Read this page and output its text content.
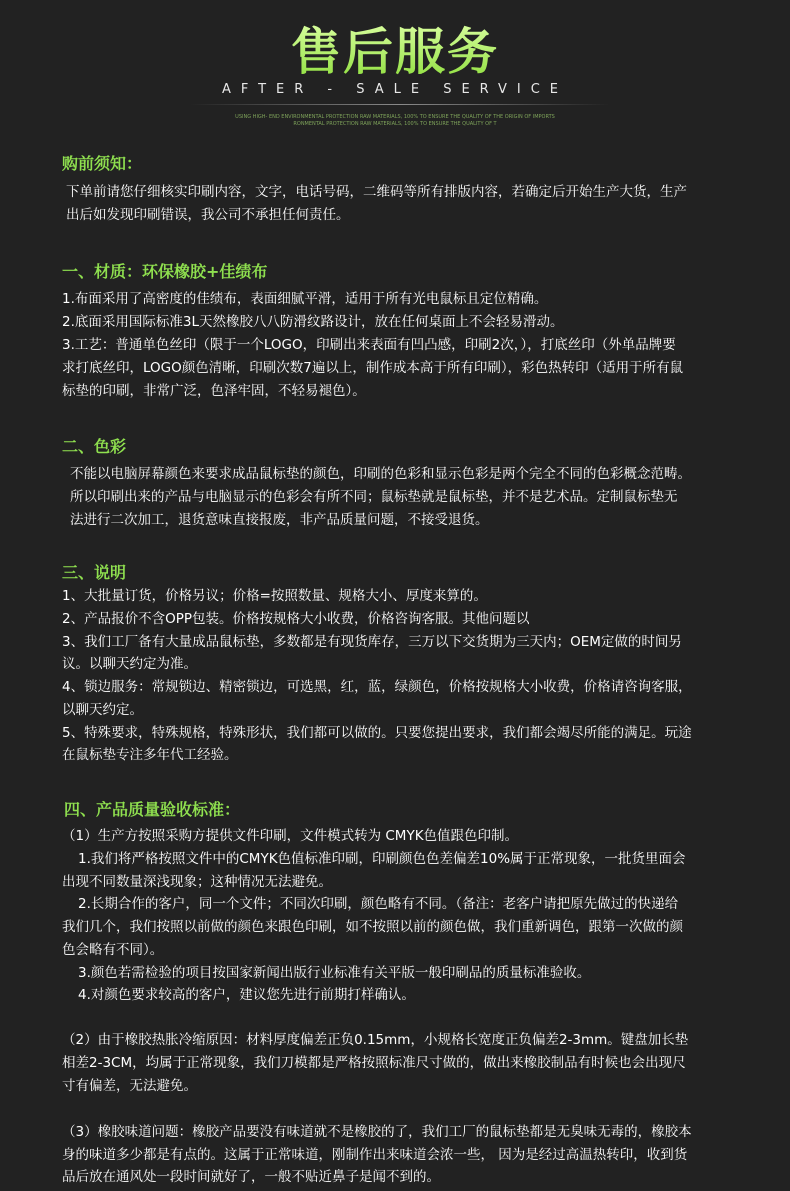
售后服务
AFTER - SALE SERVICE
USING HIGH- END ENVIRONMENTAL PROTECTION RAW MATERIALS, 100% TO ENSURE THE QUALITY OF THE ORIGIN OF IMPORTS
RONMENTAL PROTECTION RAW MATERIALS, 100% TO ENSURE THE QUALITY OF T
购前须知：
下单前请您仔细核实印刷内容，文字，电话号码，二维码等所有排版内容，若确定后开始生产大货，生产
出后如发现印刷错误，我公司不承担任何责任。
一、材质：环保橡胶+佳绩布
1.布面采用了高密度的佳绩布，表面细腻平滑，适用于所有光电鼠标且定位精确。
2.底面采用国际标准3L天然橡胶八八防滑纹路设计，放在任何桌面上不会轻易滑动。
3.工艺：普通单色丝印（限于一个LOGO，印刷出来表面有凹凸感，印刷2次，），打底丝印（外单品牌要
求打底丝印，LOGO颜色清晰，印刷次数7遍以上，制作成本高于所有印刷），彩色热转印（适用于所有鼠
标垫的印刷，非常广泛，色泽牢固，不轻易褪色）。
二、色彩
不能以电脑屏幕颜色来要求成品鼠标垫的颜色，印刷的色彩和显示色彩是两个完全不同的色彩概念范畴。
所以印刷出来的产品与电脑显示的色彩会有所不同；鼠标垫就是鼠标垫，并不是艺术品。定制鼠标垫无
法进行二次加工，退货意味直接报废，非产品质量问题，不接受退货。
三、说明
1、大批量订货，价格另议；价格=按照数量、规格大小、厚度来算的。
2、产品报价不含OPP包装。价格按规格大小收费，价格咨询客服。其他问题以
3、我们工厂备有大量成品鼠标垫，多数都是有现货库存，三万以下交货期为三天内；OEM定做的时间另
议。以聊天约定为准。
4、锁边服务：常规锁边、精密锁边，可选黑，红，蓝，绿颜色，价格按规格大小收费，价格请咨询客服，
以聊天约定。
5、特殊要求，特殊规格，特殊形状，我们都可以做的。只要您提出要求，我们都会竭尽所能的满足。玩途
在鼠标垫专注多年代工经验。
四、产品质量验收标准：
（1）生产方按照采购方提供文件印刷，文件模式转为 CMYK色值跟色印制。
1.我们将严格按照文件中的CMYK色值标准印刷，印刷颜色色差偏差10%属于正常现象，一批货里面会
出现不同数量深浅现象；这种情况无法避免。
2.长期合作的客户，同一个文件；不同次印刷，颜色略有不同。（备注：老客户请把原先做过的快递给
我们几个，我们按照以前做的颜色来跟色印刷，如不按照以前的颜色做，我们重新调色，跟第一次做的颜
色会略有不同）。
3.颜色若需检验的项目按国家新闻出版行业标准有关平版一般印刷品的质量标准验收。
4.对颜色要求较高的客户，建议您先进行前期打样确认。
（2）由于橡胶热胀冷缩原因：材料厚度偏差正负0.15mm，小规格长宽度正负偏差2-3mm。键盘加长垫
相差2-3CM，均属于正常现象，我们刀模都是严格按照标准尺寸做的，做出来橡胶制品有时候也会出现尺
寸有偏差，无法避免。
（3）橡胶味道问题：橡胶产品要没有味道就不是橡胶的了，我们工厂的鼠标垫都是无臭味无毒的，橡胶本
身的味道多少都是有点的。这属于正常味道，刚制作出来味道会浓一些， 因为是经过高温热转印，收到货
品后放在通风处一段时间就好了，一般不贴近鼻子是闻不到的。
